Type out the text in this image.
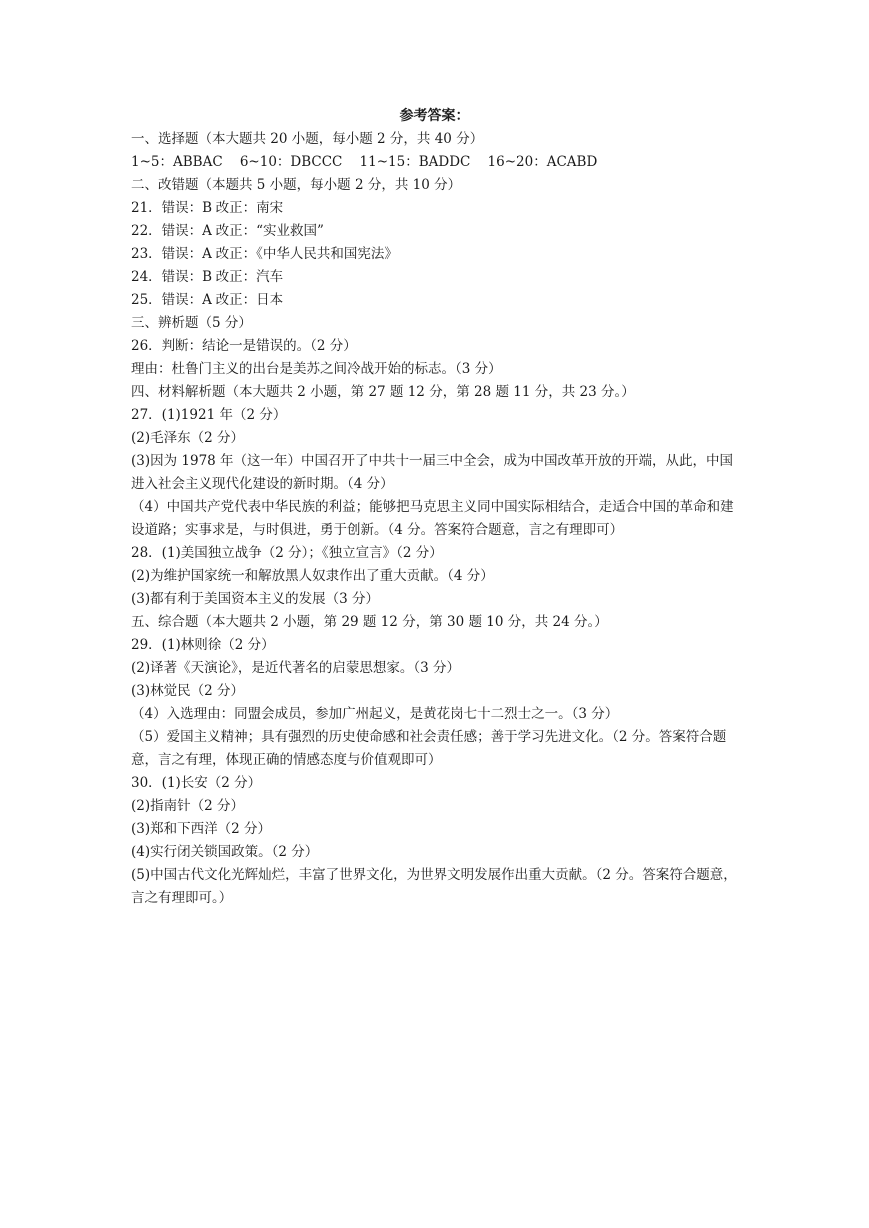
参考答案：
一、选择题（本大题共 20 小题，每小题 2 分，共 40 分）
1~5：ABBAC    6~10：DBCCC    11~15：BADDC    16~20：ACABD
二、改错题（本题共 5 小题，每小题 2 分，共 10 分）
21．错误：B 改正：南宋
22．错误：A 改正：“实业救国”
23．错误：A 改正：《中华人民共和国宪法》
24．错误：B 改正：汽车
25．错误：A 改正：日本
三、辨析题（5 分）
26．判断：结论一是错误的。（2 分）
理由：杜鲁门主义的出台是美苏之间冷战开始的标志。（3 分）
四、材料解析题（本大题共 2 小题，第 27 题 12 分，第 28 题 11 分，共 23 分。）
27．(1)1921 年（2 分）
(2)毛泽东（2 分）
(3)因为 1978 年（这一年）中国召开了中共十一届三中全会，成为中国改革开放的开端，从此，中国进入社会主义现代化建设的新时期。（4 分）
（4）中国共产党代表中华民族的利益；能够把马克思主义同中国实际相结合，走适合中国的革命和建设道路；实事求是，与时俱进，勇于创新。（4 分。答案符合题意，言之有理即可）
28．(1)美国独立战争（2 分）；《独立宣言》（2 分）
(2)为维护国家统一和解放黑人奴隶作出了重大贡献。（4 分）
(3)都有利于美国资本主义的发展（3 分）
五、综合题（本大题共 2 小题，第 29 题 12 分，第 30 题 10 分，共 24 分。）
29．(1)林则徐（2 分）
(2)译著《天演论》，是近代著名的启蒙思想家。（3 分）
(3)林觉民（2 分）
（4）入选理由：同盟会成员，参加广州起义，是黄花岗七十二烈士之一。（3 分）
（5）爱国主义精神；具有强烈的历史使命感和社会责任感；善于学习先进文化。（2 分。答案符合题意，言之有理，体现正确的情感态度与价值观即可）
30．(1)长安（2 分）
(2)指南针（2 分）
(3)郑和下西洋（2 分）
(4)实行闭关锁国政策。（2 分）
(5)中国古代文化光辉灿烂，丰富了世界文化，为世界文明发展作出重大贡献。（2 分。答案符合题意，言之有理即可。）
